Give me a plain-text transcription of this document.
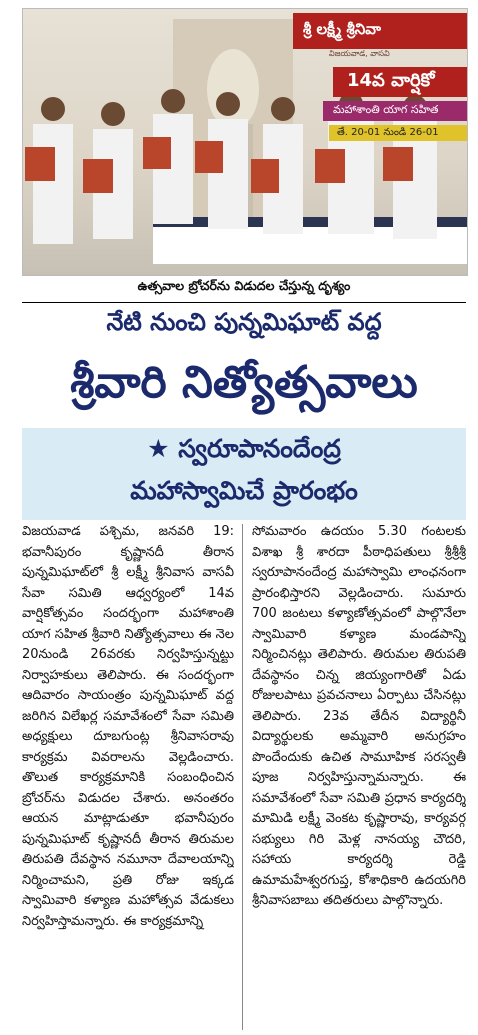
శ్రీ లక్ష్మీ శ్రీనివా
విజయవాడ, వాసవి
14వ వార్షికో
మహాశాంతి యాగ సహిత
తే. 20-01 నుండి 26-01
ఉత్సవాల బ్రోచర్‌ను విడుదల చేస్తున్న దృశ్యం
నేటి నుంచి పున్నమిఘాట్ వద్ద
శ్రీవారి నిత్యోత్సవాలు
★ స్వరూపానందేంద్ర
మహాస్వామిచే ప్రారంభం

విజయవాడ పశ్చిమ, జనవరి 19: భవానీపురం కృష్ణానదీ తీరాన పున్నమిఘాట్‌లో శ్రీ లక్ష్మీ శ్రీనివాస వాసవీ సేవా సమితి ఆధ్వర్యంలో 14వ వార్షికోత్సవం సందర్భంగా మహాశాంతి యాగ సహిత శ్రీవారి నిత్యోత్సవాలు ఈ నెల 20నుండి 26వరకు నిర్వహిస్తున్నట్టు నిర్వాహకులు తెలిపారు. ఈ సందర్భంగా ఆదివారం సాయంత్రం పున్నమిఘాట్ వద్ద జరిగిన విలేఖర్ల సమావేశంలో సేవా సమితి అధ్యక్షులు దూబగుంట్ల శ్రీనివాసరావు కార్యక్రమ వివరాలను వెల్లడించారు. తొలుత కార్యక్రమానికి సంబంధించిన బ్రోచర్‌ను విడుదల చేశారు. అనంతరం ఆయన మాట్లాడుతూ భవానీపురం పున్నమిఘాట్ కృష్ణానదీ తీరాన తిరుమల తిరుపతి దేవస్థాన నమూనా దేవాలయాన్ని నిర్మించామని, ప్రతి రోజు ఇక్కడ స్వామివారి కళ్యాణ మహోత్సవ వేడుకలు నిర్వహిస్తామన్నారు. ఈ కార్యక్రమాన్ని

సోమవారం ఉదయం 5.30 గంటలకు విశాఖ శ్రీ శారదా పీఠాధిపతులు శ్రీశ్రీశ్రీ స్వరూపానందేంద్ర మహాస్వామి లాంఛనంగా ప్రారంభిస్తారని వెల్లడించారు. సుమారు 700 జంటలు కళ్యాణోత్సవంలో పాల్గొనేలా స్వామివారి కళ్యాణ మండపాన్ని నిర్మించినట్లు తెలిపారు. తిరుమల తిరుపతి దేవస్థానం చిన్న జియ్యంగారితో ఏడు రోజులపాటు ప్రవచనాలు ఏర్పాటు చేసినట్లు తెలిపారు. 23వ తేదీన విద్యార్థినీ విద్యార్థులకు అమ్మవారి అనుగ్రహం పొందేందుకు ఉచిత సామూహిక సరస్వతీ పూజ నిర్వహిస్తున్నామన్నారు. ఈ సమావేశంలో సేవా సమితి ప్రధాన కార్యదర్శి మామిడి లక్ష్మీ వెంకట కృష్ణారావు, కార్యవర్గ సభ్యులు గిరి మెళ్ల నానయ్య చౌదరి, సహాయ కార్యదర్శి రెడ్డి ఉమామహేశ్వరగుప్త, కోశాధికారి ఉదయగిరి శ్రీనివాసబాబు తదితరులు పాల్గొన్నారు.
